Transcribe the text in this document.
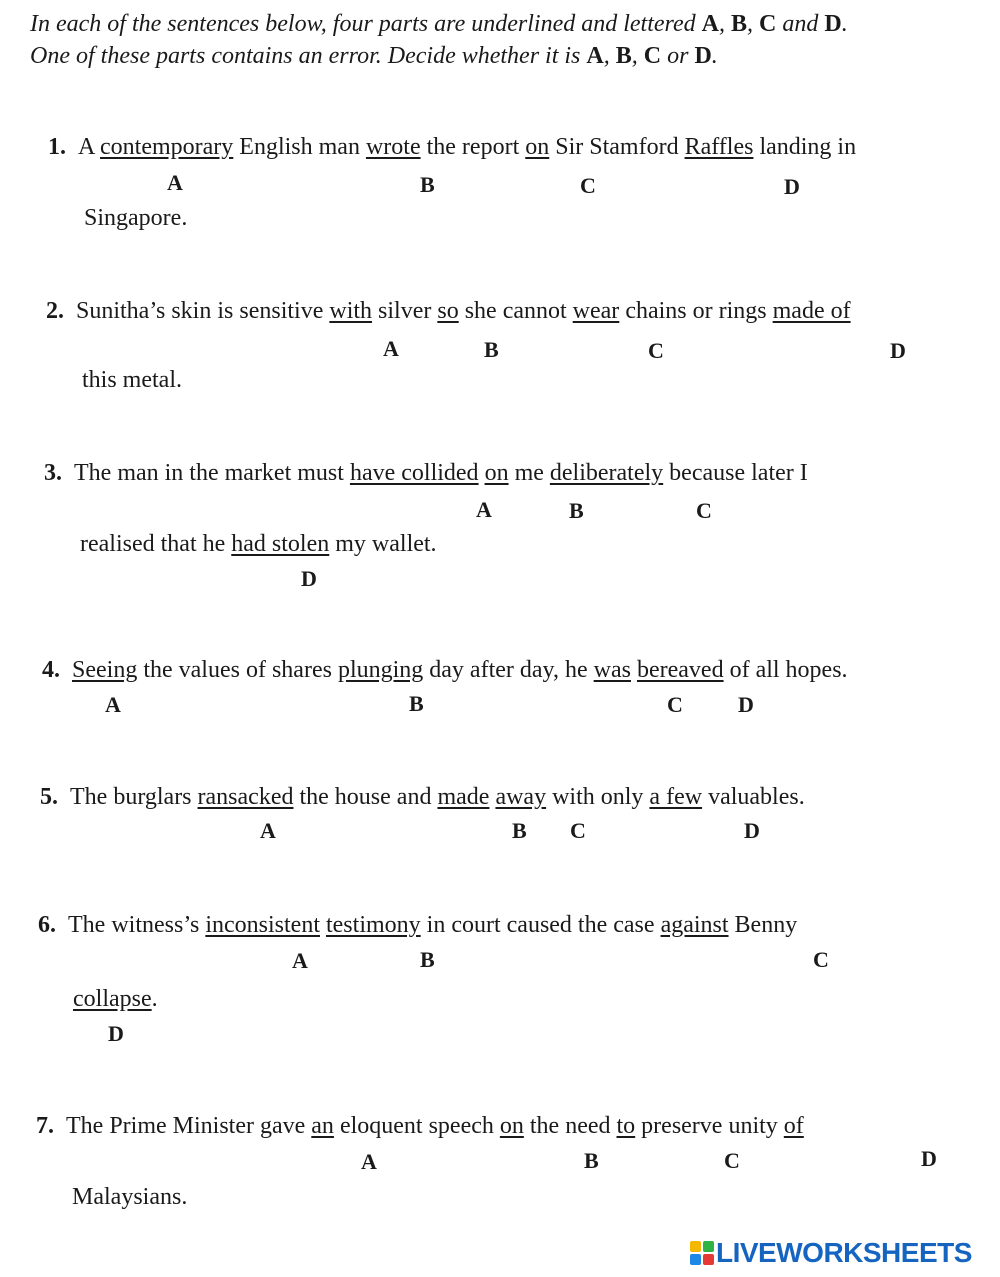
In each of the sentences below, four parts are underlined and lettered A, B, C and D.
One of these parts contains an error. Decide whether it is A, B, C or D.
1. A contemporary English man wrote the report on Sir Stamford Raffles landing in
A	B	C	D
Singapore.
2. Sunitha’s skin is sensitive with silver so she cannot wear chains or rings made of
A	B	C	D
this metal.
3. The man in the market must have collided on me deliberately because later I
A	B	C
realised that he had stolen my wallet.
D
4. Seeing the values of shares plunging day after day, he was bereaved of all hopes.
A	B	C	D
5. The burglars ransacked the house and made away with only a few valuables.
A	B C	D
6. The witness’s inconsistent testimony in court caused the case against Benny
A	B	C
collapse.
D
7. The Prime Minister gave an eloquent speech on the need to preserve unity of
A	B	C	D
Malaysians.
LIVEWORKSHEETS
